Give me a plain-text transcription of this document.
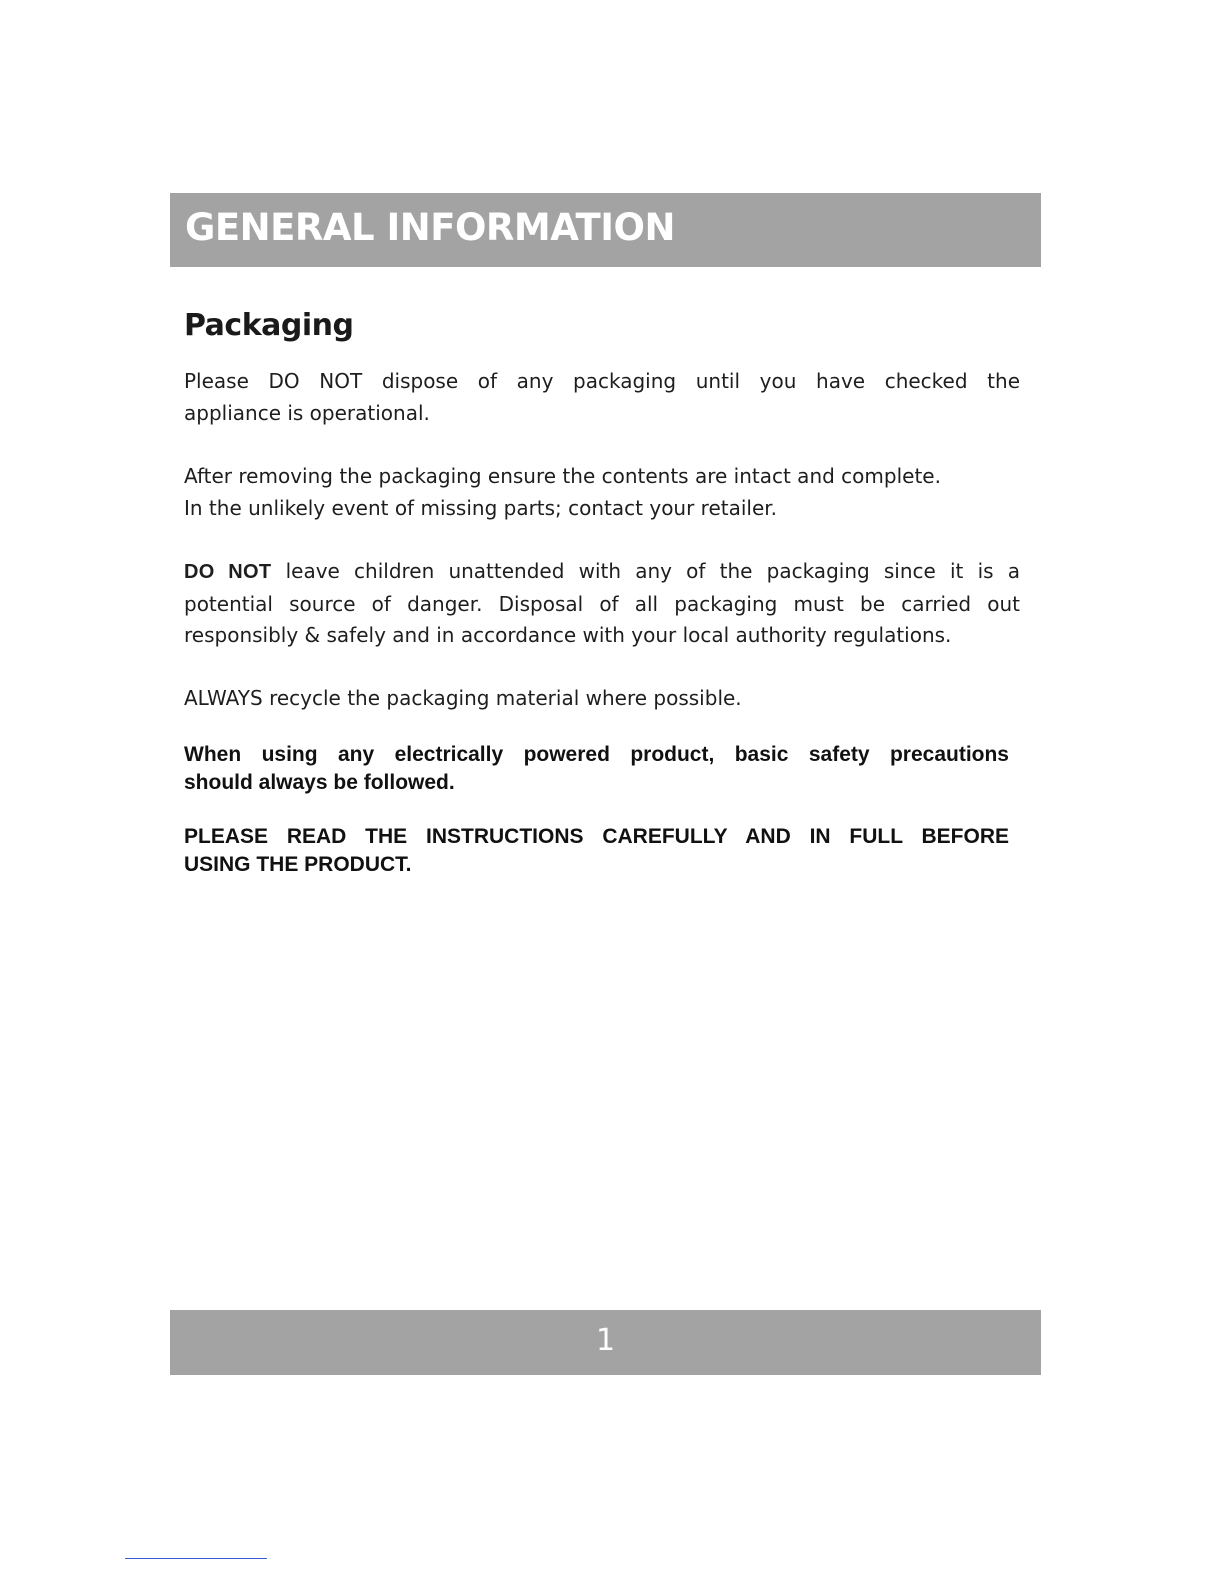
GENERAL INFORMATION
Packaging
Please DO NOT dispose of any packaging until you have checked the
appliance is operational.
After removing the packaging ensure the contents are intact and complete.
In the unlikely event of missing parts; contact your retailer.
DO NOT leave children unattended with any of the packaging since it is a
potential source of danger. Disposal of all packaging must be carried out
responsibly & safely and in accordance with your local authority regulations.
ALWAYS recycle the packaging material where possible.
When using any electrically powered product, basic safety precautions
should always be followed.
PLEASE READ THE INSTRUCTIONS CAREFULLY AND IN FULL BEFORE
USING THE PRODUCT.
1
